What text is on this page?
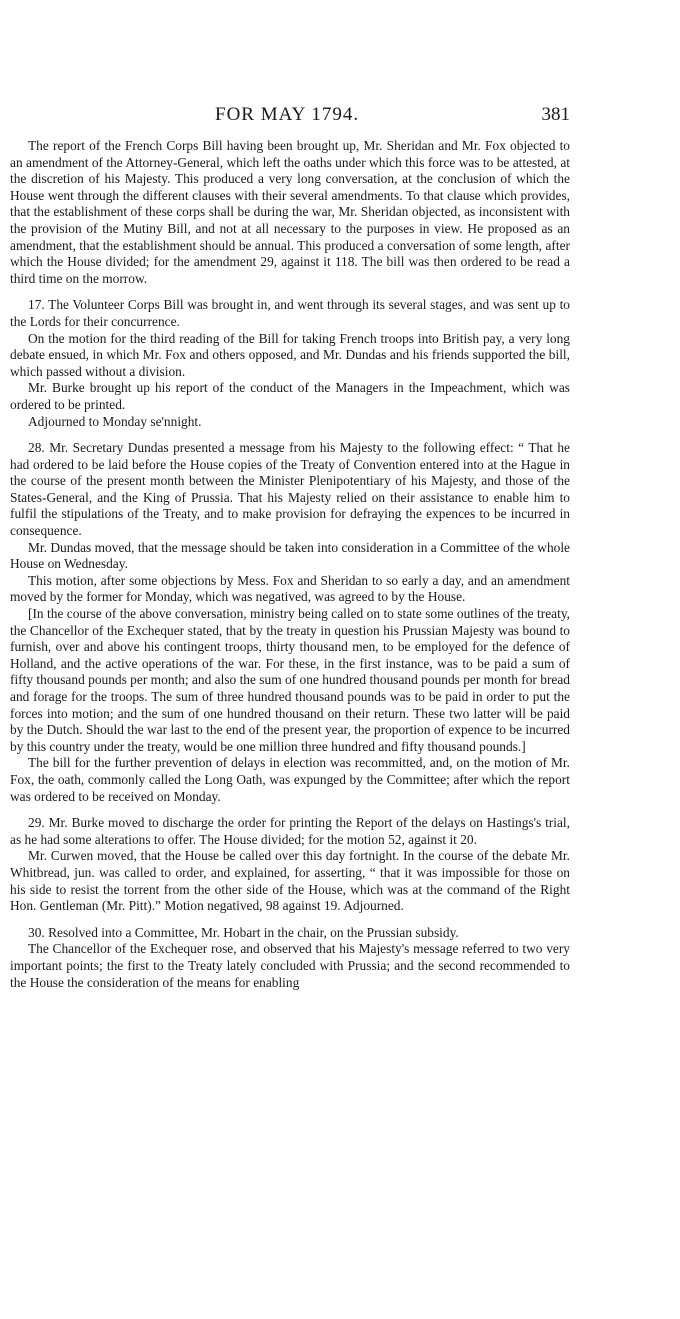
FOR MAY 1794.	381

The report of the French Corps Bill having been brought up, Mr. Sheridan and Mr. Fox objected to an amendment of the Attorney-General, which left the oaths under which this force was to be attested, at the discretion of his Majesty. This produced a very long conversation, at the conclusion of which the House went through the different clauses with their several amendments. To that clause which provides, that the establishment of these corps shall be during the war, Mr. Sheridan objected, as inconsistent with the provision of the Mutiny Bill, and not at all necessary to the purposes in view. He proposed as an amendment, that the establishment should be annual. This produced a conversation of some length, after which the House divided; for the amendment 29, against it 118. The bill was then ordered to be read a third time on the morrow.

17. The Volunteer Corps Bill was brought in, and went through its several stages, and was sent up to the Lords for their concurrence.

On the motion for the third reading of the Bill for taking French troops into British pay, a very long debate ensued, in which Mr. Fox and others opposed, and Mr. Dundas and his friends supported the bill, which passed without a division.

Mr. Burke brought up his report of the conduct of the Managers in the Impeachment, which was ordered to be printed.

Adjourned to Monday se'nnight.

28. Mr. Secretary Dundas presented a message from his Majesty to the following effect: “ That he had ordered to be laid before the House copies of the Treaty of Convention entered into at the Hague in the course of the present month between the Minister Plenipotentiary of his Majesty, and those of the States-General, and the King of Prussia. That his Majesty relied on their assistance to enable him to fulfil the stipulations of the Treaty, and to make provision for defraying the expences to be incurred in consequence.

Mr. Dundas moved, that the message should be taken into consideration in a Committee of the whole House on Wednesday.

This motion, after some objections by Mess. Fox and Sheridan to so early a day, and an amendment moved by the former for Monday, which was negatived, was agreed to by the House.

[In the course of the above conversation, ministry being called on to state some outlines of the treaty, the Chancellor of the Exchequer stated, that by the treaty in question his Prussian Majesty was bound to furnish, over and above his contingent troops, thirty thousand men, to be employed for the defence of Holland, and the active operations of the war. For these, in the first instance, was to be paid a sum of fifty thousand pounds per month; and also the sum of one hundred thousand pounds per month for bread and forage for the troops. The sum of three hundred thousand pounds was to be paid in order to put the forces into motion; and the sum of one hundred thousand on their return. These two latter will be paid by the Dutch. Should the war last to the end of the present year, the proportion of expence to be incurred by this country under the treaty, would be one million three hundred and fifty thousand pounds.]

The bill for the further prevention of delays in election was recommitted, and, on the motion of Mr. Fox, the oath, commonly called the Long Oath, was expunged by the Committee; after which the report was ordered to be received on Monday.

29. Mr. Burke moved to discharge the order for printing the Report of the delays on Hastings's trial, as he had some alterations to offer. The House divided; for the motion 52, against it 20.

Mr. Curwen moved, that the House be called over this day fortnight. In the course of the debate Mr. Whitbread, jun. was called to order, and explained, for asserting, “ that it was impossible for those on his side to resist the torrent from the other side of the House, which was at the command of the Right Hon. Gentleman (Mr. Pitt).” Motion negatived, 98 against 19. Adjourned.

30. Resolved into a Committee, Mr. Hobart in the chair, on the Prussian subsidy.

The Chancellor of the Exchequer rose, and observed that his Majesty's message referred to two very important points; the first to the Treaty lately concluded with Prussia; and the second recommended to the House the consideration of the means for enabling
